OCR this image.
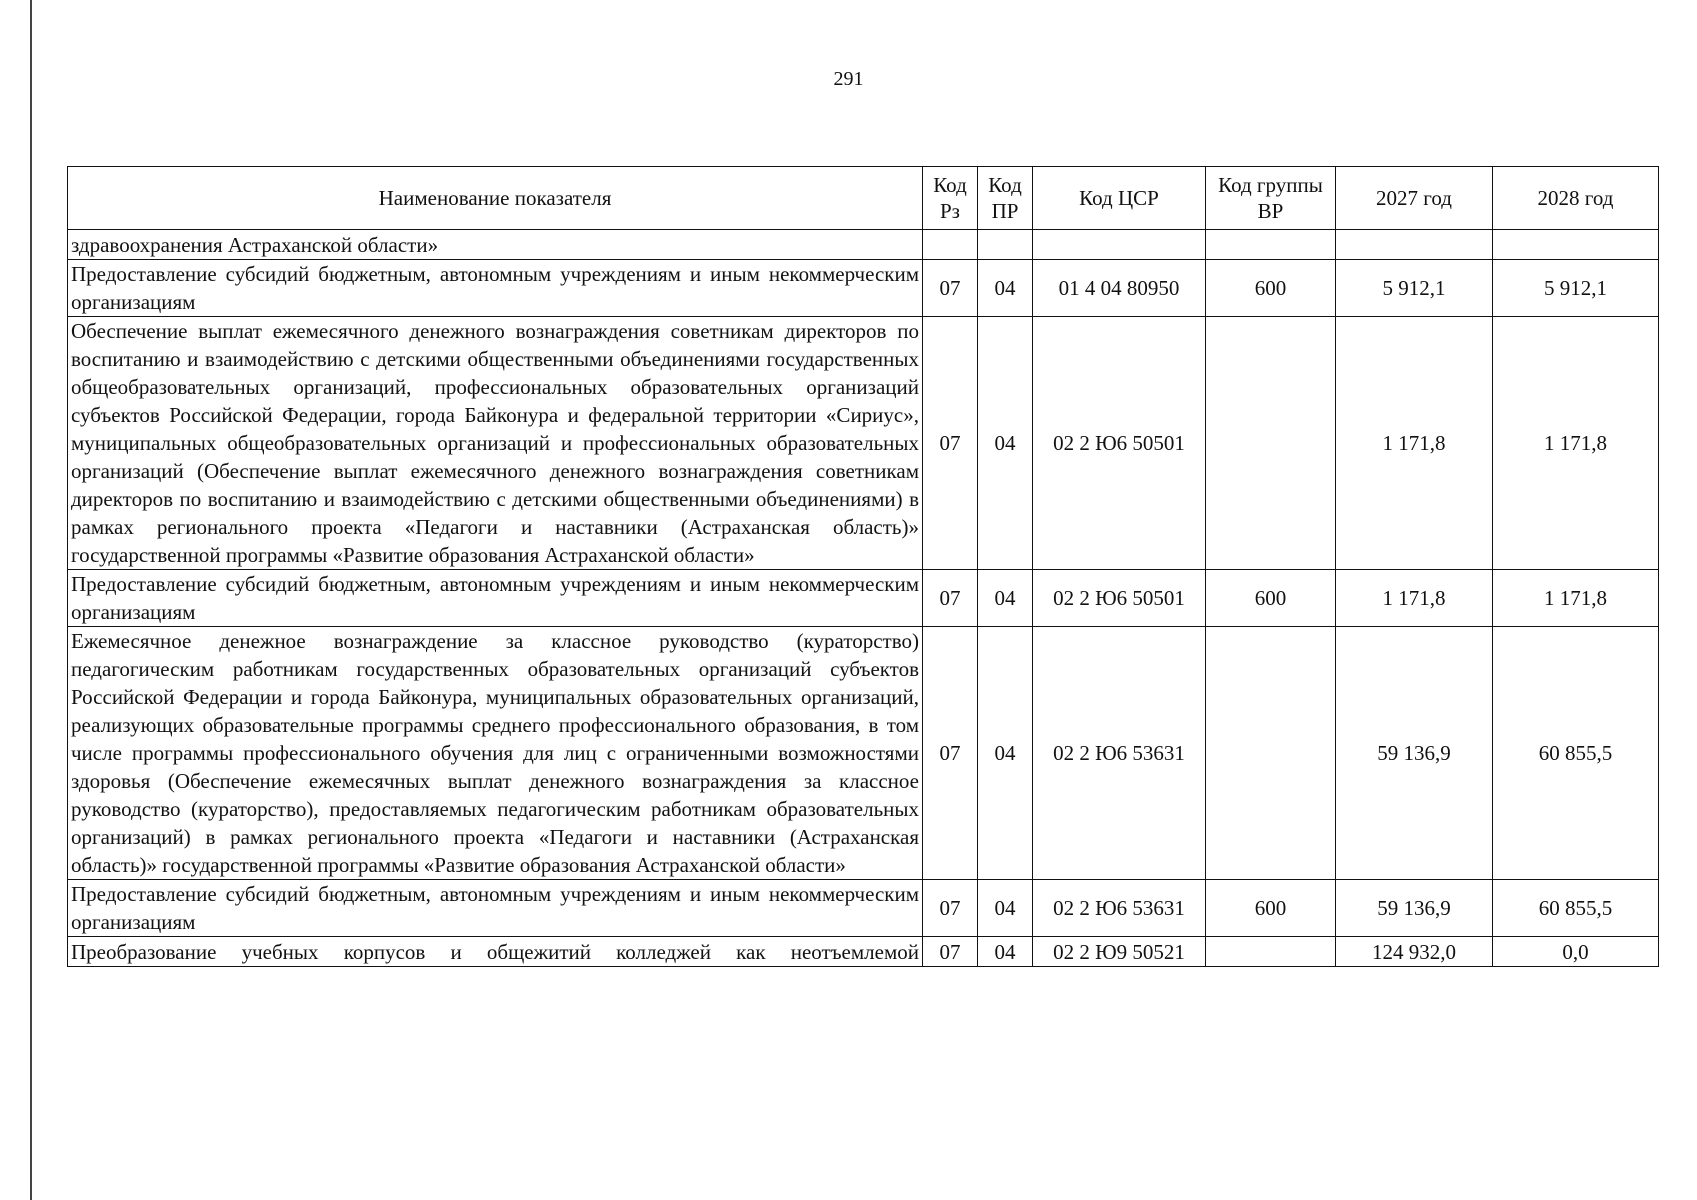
291
Наименование показателя	Код Рз	Код ПР	Код ЦСР	Код группы ВР	2027 год	2028 год
здравоохранения Астраханской области»						
Предоставление субсидий бюджетным, автономным учреждениям и иным некоммерческим организациям	07	04	01 4 04 80950	600	5 912,1	5 912,1
Обеспечение выплат ежемесячного денежного вознаграждения советникам директоров по воспитанию и взаимодействию с детскими общественными объединениями государственных общеобразовательных организаций, профессиональных образовательных организаций субъектов Российской Федерации, города Байконура и федеральной территории «Сириус», муниципальных общеобразовательных организаций и профессиональных образовательных организаций (Обеспечение выплат ежемесячного денежного вознаграждения советникам директоров по воспитанию и взаимодействию с детскими общественными объединениями) в рамках регионального проекта «Педагоги и наставники (Астраханская область)» государственной программы «Развитие образования Астраханской области»	07	04	02 2 Ю6 50501		1 171,8	1 171,8
Предоставление субсидий бюджетным, автономным учреждениям и иным некоммерческим организациям	07	04	02 2 Ю6 50501	600	1 171,8	1 171,8
Ежемесячное денежное вознаграждение за классное руководство (кураторство) педагогическим работникам государственных образовательных организаций субъектов Российской Федерации и города Байконура, муниципальных образовательных организаций, реализующих образовательные программы среднего профессионального образования, в том числе программы профессионального обучения для лиц с ограниченными возможностями здоровья (Обеспечение ежемесячных выплат денежного вознаграждения за классное руководство (кураторство), предоставляемых педагогическим работникам образовательных организаций) в рамках регионального проекта «Педагоги и наставники (Астраханская область)» государственной программы «Развитие образования Астраханской области»	07	04	02 2 Ю6 53631		59 136,9	60 855,5
Предоставление субсидий бюджетным, автономным учреждениям и иным некоммерческим организациям	07	04	02 2 Ю6 53631	600	59 136,9	60 855,5
Преобразование учебных корпусов и общежитий колледжей как неотъемлемой	07	04	02 2 Ю9 50521		124 932,0	0,0
